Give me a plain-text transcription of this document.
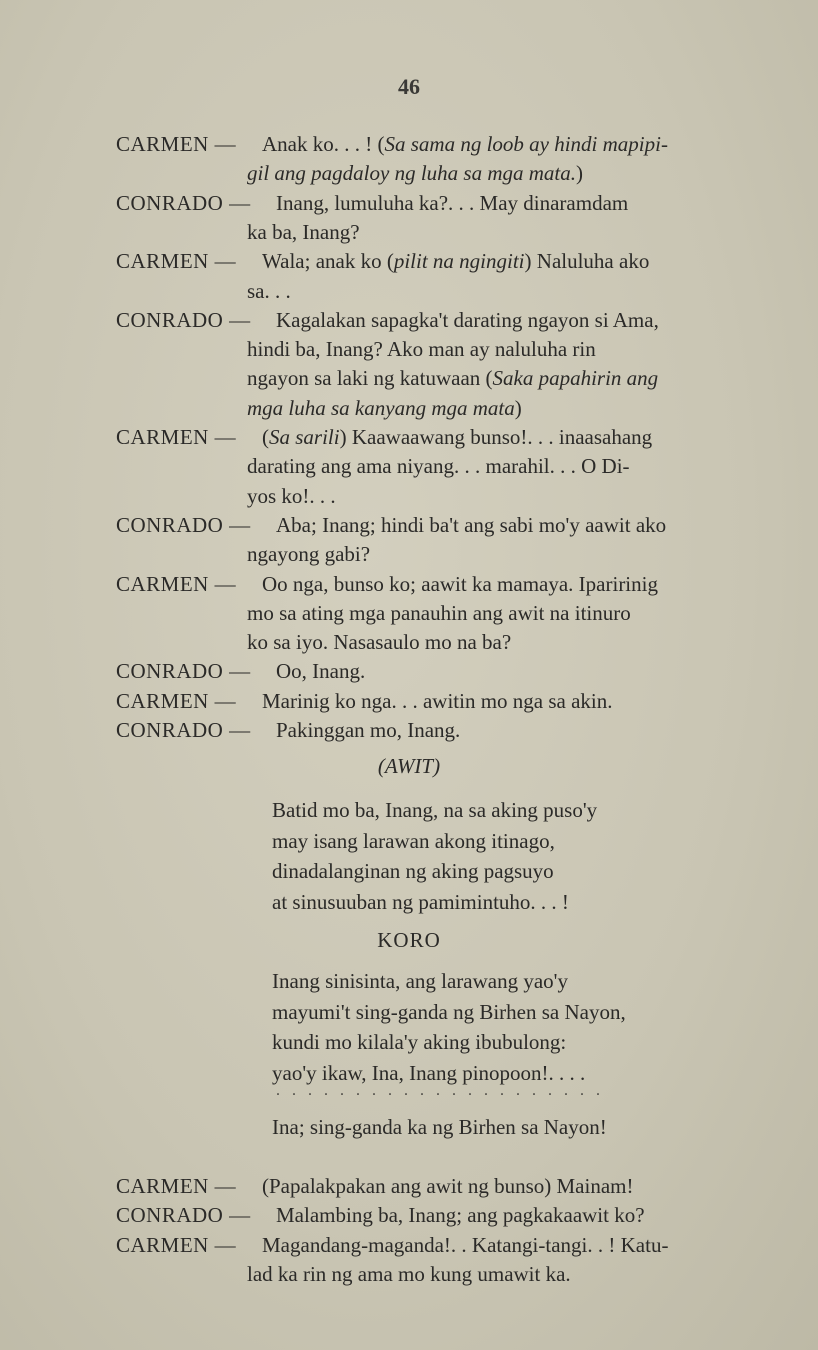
46
CARMEN — Anak ko. . . ! (Sa sama ng loob ay hindi mapipi-
gil ang pagdaloy ng luha sa mga mata.)
CONRADO — Inang, lumuluha ka?. . . May dinaramdam
ka ba, Inang?
CARMEN — Wala; anak ko (pilit na ngingiti) Naluluha ako
sa. . .
CONRADO — Kagalakan sapagka't darating ngayon si Ama,
hindi ba, Inang? Ako man ay naluluha rin
ngayon sa laki ng katuwaan (Saka papahirin ang
mga luha sa kanyang mga mata)
CARMEN — (Sa sarili) Kaawaawang bunso!. . . inaasahang
darating ang ama niyang. . . marahil. . . O Di-
yos ko!. . .
CONRADO — Aba; Inang; hindi ba't ang sabi mo'y aawit ako
ngayong gabi?
CARMEN — Oo nga, bunso ko; aawit ka mamaya. Iparirinig
mo sa ating mga panauhin ang awit na itinuro
ko sa iyo. Nasasaulo mo na ba?
CONRADO — Oo, Inang.
CARMEN — Marinig ko nga. . . awitin mo nga sa akin.
CONRADO — Pakinggan mo, Inang.
(AWIT)
Batid mo ba, Inang, na sa aking puso'y
may isang larawan akong itinago,
dinadalanginan ng aking pagsuyo
at sinusuuban ng pamimintuho. . . !
KORO
Inang sinisinta, ang larawang yao'y
mayumi't sing-ganda ng Birhen sa Nayon,
kundi mo kilala'y aking ibubulong:
yao'y ikaw, Ina, Inang pinopoon!. . . .
. . . . . . . . . . . . . . . . . . . . .
Ina; sing-ganda ka ng Birhen sa Nayon!
CARMEN — (Papalakpakan ang awit ng bunso) Mainam!
CONRADO — Malambing ba, Inang; ang pagkakaawit ko?
CARMEN — Magandang-maganda!. . Katangi-tangi. . ! Katu-
lad ka rin ng ama mo kung umawit ka.
